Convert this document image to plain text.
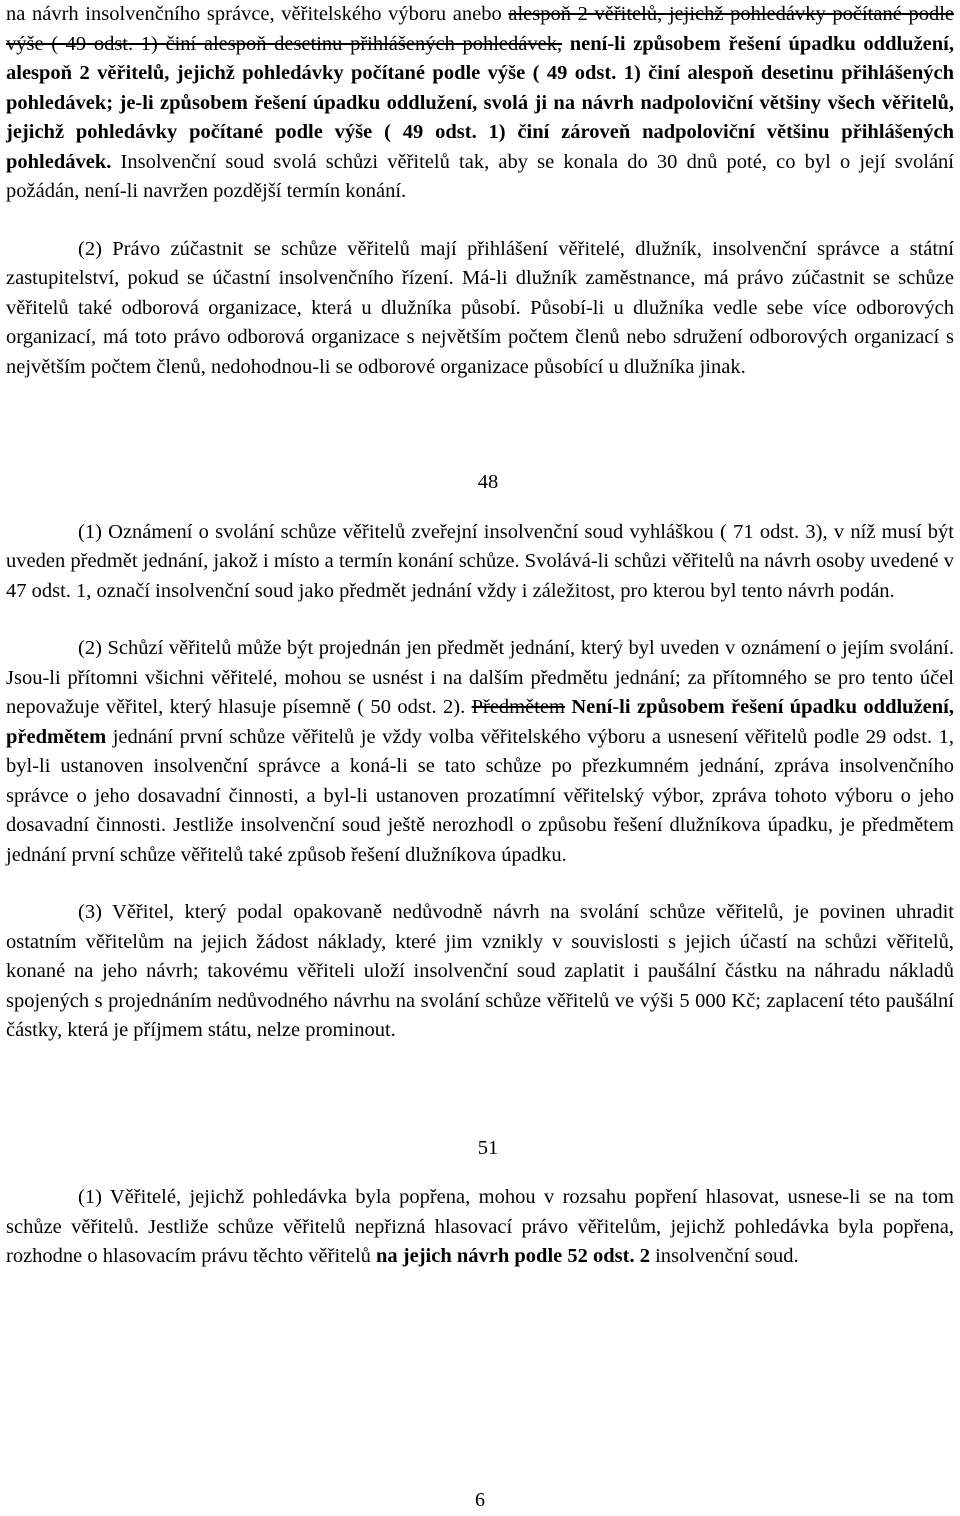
na návrh insolvenčního správce, věřitelského výboru anebo alespoň 2 věřitelů, jejichž pohledávky počítané podle výše ( 49 odst. 1) činí alespoň desetinu přihlášených pohledávek, není-li způsobem řešení úpadku oddlužení, alespoň 2 věřitelů, jejichž pohledávky počítané podle výše ( 49 odst. 1) činí alespoň desetinu přihlášených pohledávek; je-li způsobem řešení úpadku oddlužení, svolá ji na návrh nadpoloviční většiny všech věřitelů, jejichž pohledávky počítané podle výše ( 49 odst. 1) činí zároveň nadpoloviční většinu přihlášených pohledávek. Insolvenční soud svolá schůzi věřitelů tak, aby se konala do 30 dnů poté, co byl o její svolání požádán, není-li navržen pozdější termín konání.

(2) Právo zúčastnit se schůze věřitelů mají přihlášení věřitelé, dlužník, insolvenční správce a státní zastupitelství, pokud se účastní insolvenčního řízení. Má-li dlužník zaměstnance, má právo zúčastnit se schůze věřitelů také odborová organizace, která u dlužníka působí. Působí-li u dlužníka vedle sebe více odborových organizací, má toto právo odborová organizace s největším počtem členů nebo sdružení odborových organizací s největším počtem členů, nedohodnou-li se odborové organizace působící u dlužníka jinak.

48

(1) Oznámení o svolání schůze věřitelů zveřejní insolvenční soud vyhláškou ( 71 odst. 3), v níž musí být uveden předmět jednání, jakož i místo a termín konání schůze. Svolává-li schůzi věřitelů na návrh osoby uvedené v 47 odst. 1, označí insolvenční soud jako předmět jednání vždy i záležitost, pro kterou byl tento návrh podán.

(2) Schůzí věřitelů může být projednán jen předmět jednání, který byl uveden v oznámení o jejím svolání. Jsou-li přítomni všichni věřitelé, mohou se usnést i na dalším předmětu jednání; za přítomného se pro tento účel nepovažuje věřitel, který hlasuje písemně ( 50 odst. 2). Předmětem Není-li způsobem řešení úpadku oddlužení, předmětem jednání první schůze věřitelů je vždy volba věřitelského výboru a usnesení věřitelů podle 29 odst. 1, byl-li ustanoven insolvenční správce a koná-li se tato schůze po přezkumném jednání, zpráva insolvenčního správce o jeho dosavadní činnosti, a byl-li ustanoven prozatímní věřitelský výbor, zpráva tohoto výboru o jeho dosavadní činnosti. Jestliže insolvenční soud ještě nerozhodl o způsobu řešení dlužníkova úpadku, je předmětem jednání první schůze věřitelů také způsob řešení dlužníkova úpadku.

(3) Věřitel, který podal opakovaně nedůvodně návrh na svolání schůze věřitelů, je povinen uhradit ostatním věřitelům na jejich žádost náklady, které jim vznikly v souvislosti s jejich účastí na schůzi věřitelů, konané na jeho návrh; takovému věřiteli uloží insolvenční soud zaplatit i paušální částku na náhradu nákladů spojených s projednáním nedůvodného návrhu na svolání schůze věřitelů ve výši 5 000 Kč; zaplacení této paušální částky, která je příjmem státu, nelze prominout.

51

(1) Věřitelé, jejichž pohledávka byla popřena, mohou v rozsahu popření hlasovat, usnese-li se na tom schůze věřitelů. Jestliže schůze věřitelů nepřizná hlasovací právo věřitelům, jejichž pohledávka byla popřena, rozhodne o hlasovacím právu těchto věřitelů na jejich návrh podle 52 odst. 2 insolvenční soud.

6
